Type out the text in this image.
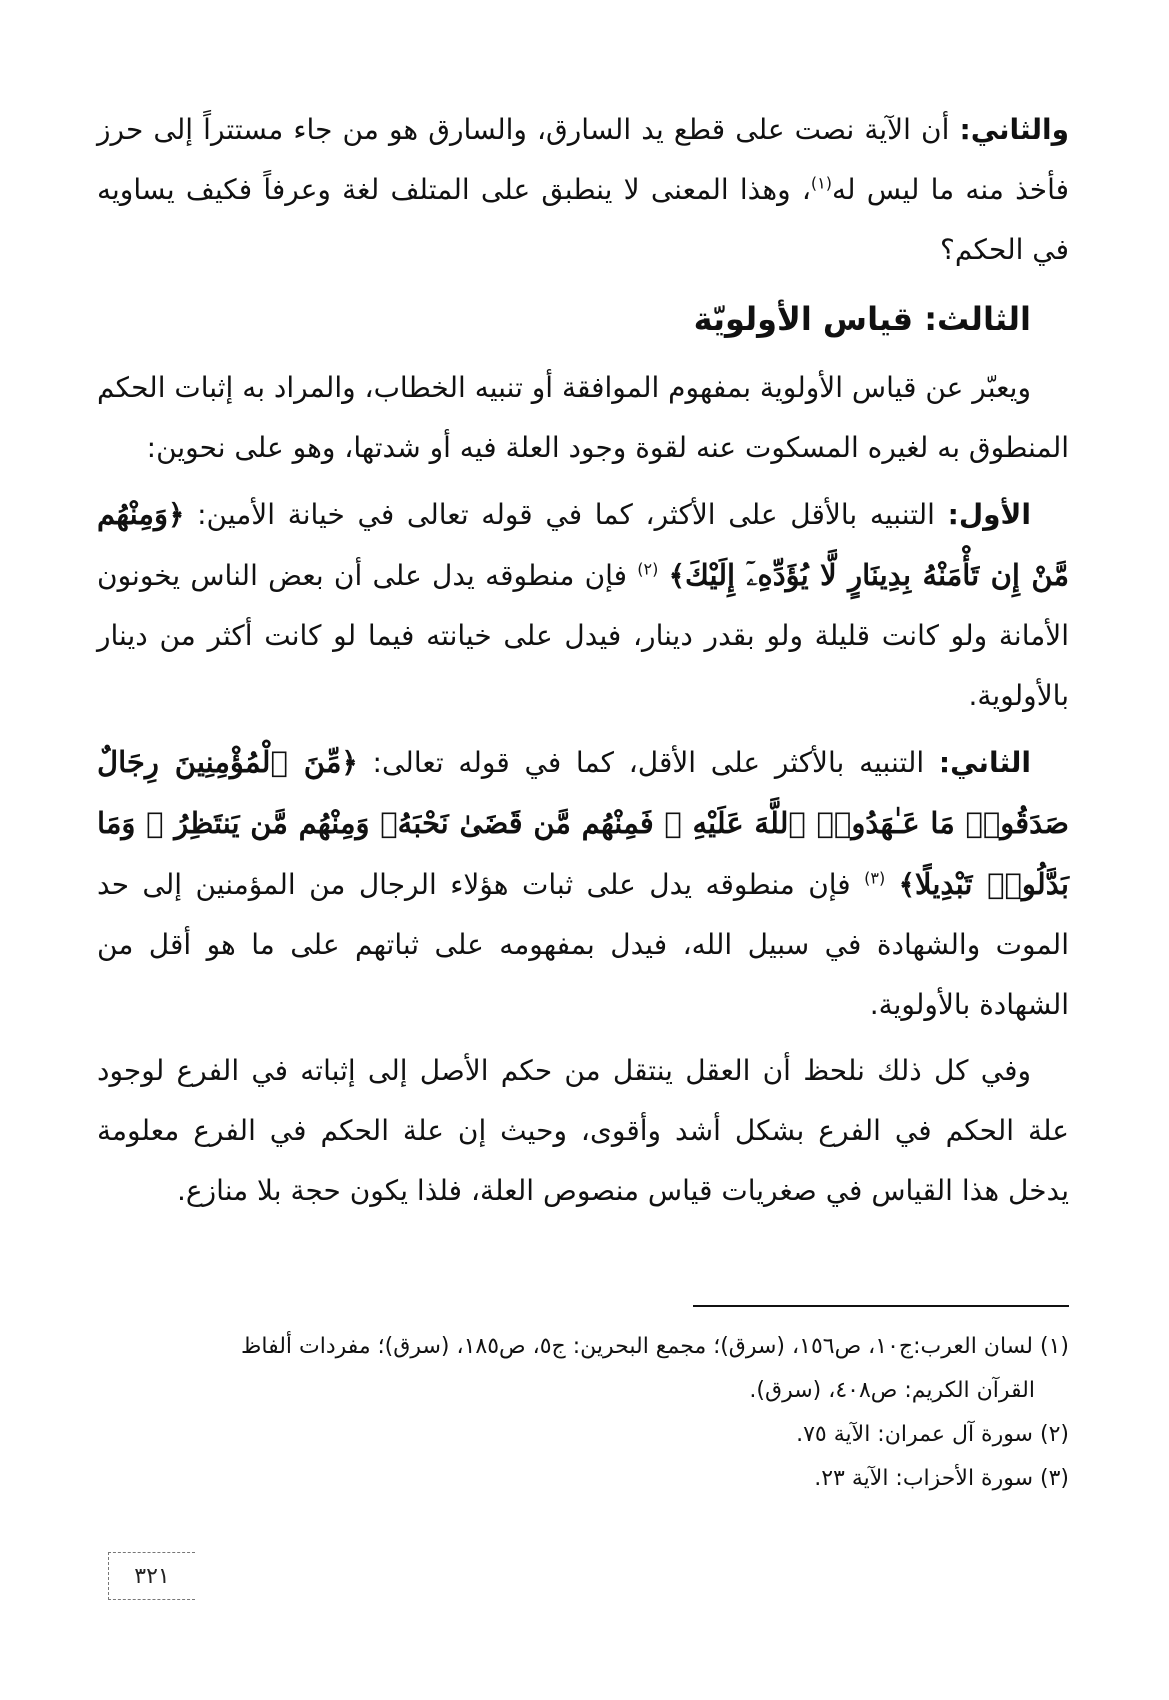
والثاني: أن الآية نصت على قطع يد السارق، والسارق هو من جاء مستتراً إلى حرز فأخذ منه ما ليس له$^{(١)}$، وهذا المعنى لا ينطبق على المتلف لغة وعرفاً فكيف يساويه في الحكم؟

الثالث: قياس الأولويّة

ويعبّر عن قياس الأولوية بمفهوم الموافقة أو تنبيه الخطاب، والمراد به إثبات الحكم المنطوق به لغيره المسكوت عنه لقوة وجود العلة فيه أو شدتها، وهو على نحوين:

الأول: التنبيه بالأقل على الأكثر، كما في قوله تعالى في خيانة الأمين: ﴿وَمِنْهُم مَّنْ إِن تَأْمَنْهُ بِدِينَارٍ لَّا يُؤَدِّهِۦٓ إِلَيْكَ﴾ $^{(٢)}$ فإن منطوقه يدل على أن بعض الناس يخونون الأمانة ولو كانت قليلة ولو بقدر دينار، فيدل على خيانته فيما لو كانت أكثر من دينار بالأولوية.

الثاني: التنبيه بالأكثر على الأقل، كما في قوله تعالى: ﴿مِّنَ ٱلْمُؤْمِنِينَ رِجَالٌ صَدَقُوا۟ مَا عَـٰهَدُوا۟ ٱللَّهَ عَلَيْهِ ۖ فَمِنْهُم مَّن قَضَىٰ نَحْبَهُۥ وَمِنْهُم مَّن يَنتَظِرُ ۖ وَمَا بَدَّلُوا۟ تَبْدِيلًا﴾ $^{(٣)}$ فإن منطوقه يدل على ثبات هؤلاء الرجال من المؤمنين إلى حد الموت والشهادة في سبيل الله، فيدل بمفهومه على ثباتهم على ما هو أقل من الشهادة بالأولوية.

وفي كل ذلك نلحظ أن العقل ينتقل من حكم الأصل إلى إثباته في الفرع لوجود علة الحكم في الفرع بشكل أشد وأقوى، وحيث إن علة الحكم في الفرع معلومة يدخل هذا القياس في صغريات قياس منصوص العلة، فلذا يكون حجة بلا منازع.

(١) لسان العرب:ج١٠، ص١٥٦، (سرق)؛ مجمع البحرين: ج٥، ص١٨٥، (سرق)؛ مفردات ألفاظ

القرآن الكريم: ص٤٠٨، (سرق).

(٢) سورة آل عمران: الآية ٧٥.

(٣) سورة الأحزاب: الآية ٢٣.

٣٢١
